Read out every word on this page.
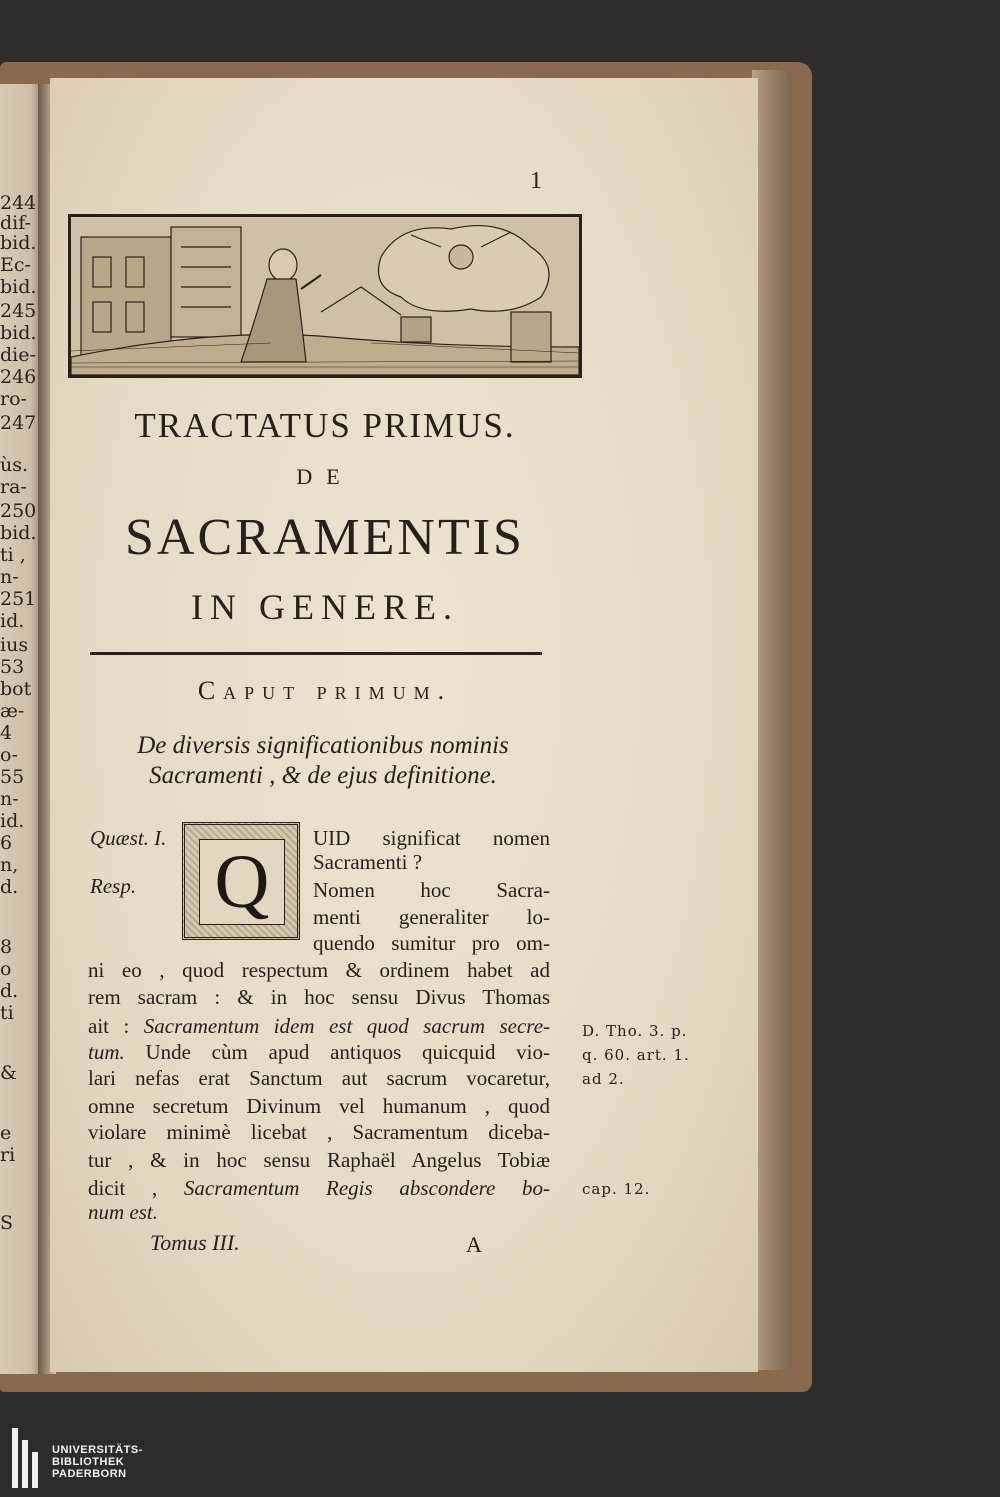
244
dif-
bid.
Ec-
bid.
245
bid.
die-
246
ro-
247
ùs.
ra-
250
bid.
ti ,
n-
251
id.
ius
53
bot
æ-
4
o-
55
n-
id.
6
n,
d.
8
o
d.
ti
&
e
ri
S
1
TRACTATUS PRIMUS.
DE
SACRAMENTIS
IN GENERE.
Caput primum.
De diversis significationibus nominis
Sacramenti , & de ejus definitione.
Quæst. I.
Resp. Q
UID significat nomen
Sacramenti ?
Nomen hoc Sacra-
menti generaliter lo-
quendo sumitur pro om-
ni eo , quod respectum & ordinem habet ad
rem sacram : & in hoc sensu Divus Thomas
ait : Sacramentum idem est quod sacrum secre-
tum. Unde cùm apud antiquos quicquid vio-
lari nefas erat Sanctum aut sacrum vocaretur,
omne secretum Divinum vel humanum , quod
violare minimè licebat , Sacramentum diceba-
tur , & in hoc sensu Raphaël Angelus Tobiæ
dicit , Sacramentum Regis abscondere bo-
num est.
D. Tho. 3. p.
q. 60. art. 1.
ad 2.
cap. 12.
Tomus III.	A
UNIVERSITÄTS-
BIBLIOTHEK
PADERBORN
